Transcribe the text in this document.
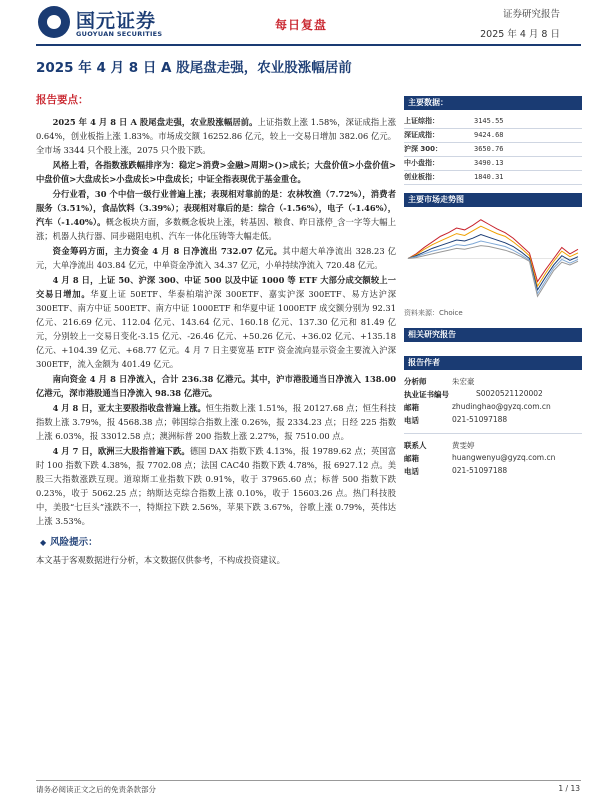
国元证券
GUOYUAN SECURITIES
每日复盘
证券研究报告
2025 年 4 月 8 日
2025 年 4 月 8 日 A 股尾盘走强，农业股涨幅居前
报告要点：
2025 年 4 月 8 日 A 股尾盘走强，农业股涨幅居前。上证指数上涨 1.58%，深证成指上涨 0.64%，创业板指上涨 1.83%。市场成交额 16252.86 亿元，较上一交易日增加 382.06 亿元。全市场 3344 只个股上涨，2075 只个股下跌。
风格上看，各指数涨跌幅排序为：稳定>消费>金融>周期>()>成长；大盘价值>小盘价值>中盘价值>大盘成长>小盘成长>中盘成长；中证全指表现优于基金重仓。
分行业看，30 个中信一级行业普遍上涨；表现相对靠前的是：农林牧渔（7.72%），消费者服务（3.51%），食品饮料（3.39%）；表现相对靠后的是：综合（-1.56%），电子（-1.46%），汽车（-1.40%）。概念板块方面，多数概念板块上涨，转基因、粮食、昨日涨停_含一字等大幅上涨；机器人执行器、同步磁阻电机、汽车一体化压铸等大幅走低。
资金筹码方面，主力资金 4 月 8 日净流出 732.07 亿元。其中超大单净流出 328.23 亿元，大单净流出 403.84 亿元，中单资金净流入 34.37 亿元，小单持续净流入 720.48 亿元。
4 月 8 日，上证 50、沪深 300、中证 500 以及中证 1000 等 ETF 大部分成交额较上一交易日增加。华夏上证 50ETF、华泰柏瑞沪深 300ETF、嘉实沪深 300ETF、易方达沪深 300ETF、南方中证 500ETF、南方中证 1000ETF 和华夏中证 1000ETF 成交额分别为 92.31 亿元、216.69 亿元、112.04 亿元、143.64 亿元、160.18 亿元、137.30 亿元和 81.49 亿元，分别较上一交易日变化-3.15 亿元、-26.46 亿元、+50.26 亿元、+36.02 亿元、+135.18 亿元、+104.39 亿元、+68.77 亿元。4 月 7 日主要宽基 ETF 资金流向显示资金主要流入沪深 300ETF，流入金额为 401.49 亿元。
南向资金 4 月 8 日净流入，合计 236.38 亿港元。其中，沪市港股通当日净流入 138.00 亿港元，深市港股通当日净流入 98.38 亿港元。
4 月 8 日，亚太主要股指收盘普遍上涨。恒生指数上涨 1.51%，报 20127.68 点；恒生科技指数上涨 3.79%，报 4568.38 点；韩国综合指数上涨 0.26%，报 2334.23 点；日经 225 指数上涨 6.03%，报 33012.58 点；澳洲标普 200 指数上涨 2.27%，报 7510.00 点。
4 月 7 日，欧洲三大股指普遍下跌。德国 DAX 指数下跌 4.13%，报 19789.62 点；英国富时 100 指数下跌 4.38%，报 7702.08 点；法国 CAC40 指数下跌 4.78%，报 6927.12 点。美股三大指数涨跌互现。道琼斯工业指数下跌 0.91%，收于 37965.60 点；标普 500 指数下跌 0.23%，收于 5062.25 点；纳斯达克综合指数上涨 0.10%，收于 15603.26 点。热门科技股中，美股“七巨头”涨跌不一，特斯拉下跌 2.56%，苹果下跌 3.67%，谷歌上涨 0.79%，英伟达上涨 3.53%。
◆ 风险提示：
本文基于客观数据进行分析，本文数据仅供参考，不构成投资建议。
主要数据：
上证综指：	3145.55
深证成指：	9424.68
沪深 300：	3650.76
中小盘指：	3490.13
创业板指：	1840.31
主要市场走势图
资料来源：Choice
相关研究报告
报告作者
分析师	朱宏豪
执业证书编号	S0020521120002
邮箱	zhudinghao@gyzq.com.cn
电话	021-51097188
联系人	黄雯婷
邮箱	huangwenyu@gyzq.com.cn
电话	021-51097188
请务必阅读正文之后的免责条款部分	1 / 13
